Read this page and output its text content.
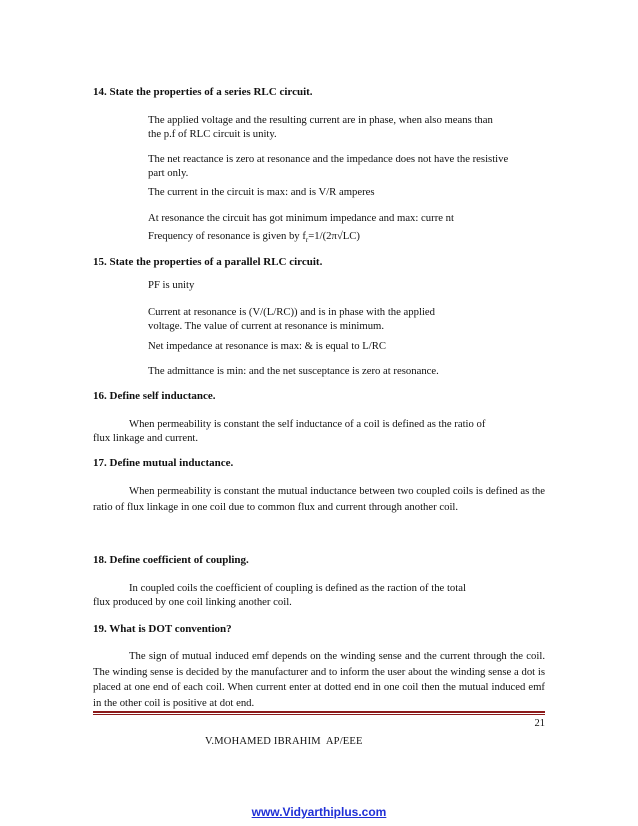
14. State the properties of a series RLC circuit.
The applied voltage and the resulting current are in phase, when also means than
the p.f of RLC circuit is unity.
The net reactance is zero at resonance and the impedance does not have the resistive
part only.
The current in the circuit is max: and is V/R amperes
At resonance the circuit has got minimum impedance and max: curre nt
Frequency of resonance is given by $f_r=1/(2\pi√LC)$
15. State the properties of a parallel RLC circuit.
PF is unity
Current at resonance is (V/(L/RC)) and is in phase with the applied
voltage. The value of current at resonance is minimum.
Net impedance at resonance is max: & is equal to L/RC
The admittance is min: and the net susceptance is zero at resonance.
16. Define self inductance.
When permeability is constant the self inductance of a coil is defined as the ratio of
flux linkage and current.
17. Define mutual inductance.
When permeability is constant the mutual inductance between two coupled coils is defined as the ratio of flux linkage in one coil due to common flux and current through another coil.
18. Define coefficient of coupling.
In coupled coils the coefficient of coupling is defined as the raction of the total
flux produced by one coil linking another coil.
19. What is DOT convention?
The sign of mutual induced emf depends on the winding sense and the current through the coil. The winding sense is decided by the manufacturer and to inform the user about the winding sense a dot is placed at one end of each coil. When current enter at dotted end in one coil then the mutual induced emf in the other coil is positive at dot end.
21
V.MOHAMED IBRAHIM  AP/EEE
www.Vidyarthiplus.com
